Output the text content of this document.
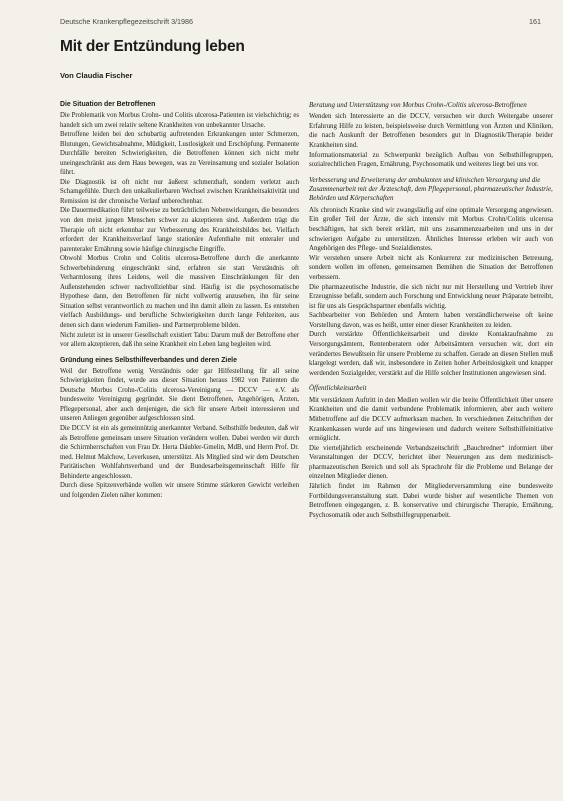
Deutsche Krankenpflegezeitschrift 3/1986	161
Mit der Entzündung leben

Von Claudia Fischer

Die Situation der Betroffenen

Die Problematik von Morbus Crohn- und Colitis ulcerosa-Patienten ist vielschichtig; es handelt sich um zwei relativ seltene Krankheiten von unbekannter Ursache.

Betroffene leiden bei den schubartig auftretenden Erkrankungen unter Schmerzen, Blutungen, Gewichtsabnahme, Müdigkeit, Lustlosigkeit und Erschöpfung. Permanente Durchfälle bereiten Schwierigkeiten, die Betroffenen können sich nicht mehr uneingeschränkt aus dem Haus bewegen, was zu Vereinsamung und sozialer Isolation führt.

Die Diagnostik ist oft nicht nur äußerst schmerzhaft, sondern verletzt auch Schamgefühle. Durch den unkalkulierbaren Wechsel zwischen Krankheitsaktivität und Remission ist der chronische Verlauf unberechenbar.

Die Dauermedikation führt teilweise zu beträchtlichen Nebenwirkungen, die besonders von den meist jungen Menschen schwer zu akzeptieren sind. Außerdem trägt die Therapie oft nicht erkennbar zur Verbesserung des Krankheitsbildes bei. Vielfach erfordert der Krankheitsverlauf lange stationäre Aufenthalte mit enteraler und parenteraler Ernährung sowie häufige chirurgische Eingriffe.

Obwohl Morbus Crohn und Colitis ulcerosa-Betroffene durch die anerkannte Schwerbehinderung eingeschränkt sind, erfahren sie statt Verständnis oft Verharmlosung ihres Leidens, weil die massiven Einschränkungen für den Außenstehenden schwer nachvollziehbar sind. Häufig ist die psychosomatische Hypothese dann, den Betroffenen für nicht vollwertig anzusehen, ihn für seine Situation selbst verantwortlich zu machen und ihn damit allein zu lassen. Es entstehen vielfach Ausbildungs- und berufliche Schwierigkeiten durch lange Fehlzeiten, aus denen sich dann wiederum Familien- und Partnerprobleme bilden.

Nicht zuletzt ist in unserer Gesellschaft existiert Tabu: Darum muß der Betroffene eher vor allem akzeptieren, daß ihn seine Krankheit ein Leben lang begleiten wird.

Gründung eines Selbsthilfeverbandes und deren Ziele

Weil der Betroffene wenig Verständnis oder gar Hilfestellung für all seine Schwierigkeiten findet, wurde aus dieser Situation heraus 1982 von Patienten die Deutsche Morbus Crohn-/Colitis ulcerosa-Vereinigung — DCCV — e.V. als bundesweite Vereinigung gegründet. Sie dient Betroffenen, Angehörigen, Ärzten, Pflegepersonal, aber auch denjenigen, die sich für unsere Arbeit interessieren und unseren Anliegen gegenüber aufgeschlossen sind.

Die DCCV ist ein als gemeinnützig anerkannter Verband. Selbsthilfe bedeuten, daß wir als Betroffene gemeinsam unsere Situation verändern wollen. Dabei werden wir durch die Schirmherrschaften von Frau Dr. Herta Däubler-Gmelin, MdB, und Herrn Prof. Dr. med. Helmut Malchow, Leverkusen, unterstützt. Als Mitglied sind wir dem Deutschen Paritätischen Wohlfahrtsverband und der Bundesarbeitsgemeinschaft Hilfe für Behinderte angeschlossen.

Durch diese Spitzenverbände wollen wir unsere Stimme stärkeren Gewicht verleihen und folgenden Zielen näher kommen:

Beratung und Unterstützung von Morbus Crohn-/Colitis ulcerosa-Betroffenen

Wenden sich Interessierte an die DCCV, versuchen wir durch Weitergabe unserer Erfahrung Hilfe zu leisten, beispielsweise durch Vermittlung von Ärzten und Kliniken, die nach Auskunft der Betroffenen besonders gut in Diagnostik/Therapie beider Krankheiten sind.

Informationsmaterial zu Schwerpunkt bezüglich Aufbau von Selbsthilfegruppen, sozialrechtlichen Fragen, Ernährung, Psychosomatik und weiteres liegt bei uns vor.

Verbesserung und Erweiterung der ambulanten und klinischen Versorgung und die Zusammenarbeit mit der Ärzteschaft, dem Pflegepersonal, pharmazeutischer Industrie, Behörden und Körperschaften

Als chronisch Kranke sind wir zwangsläufig auf eine optimale Versorgung angewiesen. Ein großer Teil der Ärzte, die sich intensiv mit Morbus Crohn/Colitis ulcerosa beschäftigen, hat sich bereit erklärt, mit uns zusammenzuarbeiten und uns in der schwierigen Aufgabe zu unterstützen. Ähnliches Interesse erleben wir auch von Angehörigen des Pflege- und Sozialdienstes.

Wir verstehen unsere Arbeit nicht als Konkurrenz zur medizinischen Betreuung, sondern wollen im offenen, gemeinsamen Bemühen die Situation der Betroffenen verbessern.

Die pharmazeutische Industrie, die sich nicht nur mit Herstellung und Vertrieb ihrer Erzeugnisse befaßt, sondern auch Forschung und Entwicklung neuer Präparate betreibt, ist für uns als Gesprächspartner ebenfalls wichtig.

Sachbearbeiter von Behörden und Ämtern haben verständlicherweise oft keine Vorstellung davon, was es heißt, unter einer dieser Krankheiten zu leiden.

Durch verstärkte Öffentlichkeitsarbeit und direkte Kontaktaufnahme zu Versorgungsämtern, Rentenberatern oder Arbeitsämtern versuchen wir, dort ein verändertes Bewußtsein für unsere Probleme zu schaffen. Gerade an diesen Stellen muß klargelegt werden, daß wir, insbesondere in Zeiten hoher Arbeitslosigkeit und knapper werdenden Sozialgelder, verstärkt auf die Hilfe solcher Institutionen angewiesen sind.

Öffentlichkeitsarbeit

Mit verstärktem Auftritt in den Medien wollen wir die breite Öffentlichkeit über unsere Krankheiten und die damit verbundene Problematik informieren, aber auch weitere Mitbetroffene auf die DCCV aufmerksam machen. In verschiedenen Zeitschriften der Krankenkassen wurde auf uns hingewiesen und dadurch weitere Selbsthilfeinitiative ermöglicht.

Die vierteljährlich erscheinende Verbandszeitschrift „Bauchredner“ informiert über Veranstaltungen der DCCV, berichtet über Neuerungen aus dem medizinisch-pharmazeutischen Bereich und soll als Sprachrohr für die Probleme und Belange der einzelnen Mitglieder dienen.

Jährlich findet im Rahmen der Mitgliederversammlung eine bundesweite Fortbildungsveranstaltung statt. Dabei wurde bisher auf wesentliche Themen von Betroffenen eingegangen, z. B. konservative und chirurgische Therapie, Ernährung, Psychosomatik oder auch Selbsthilfegruppenarbeit.
